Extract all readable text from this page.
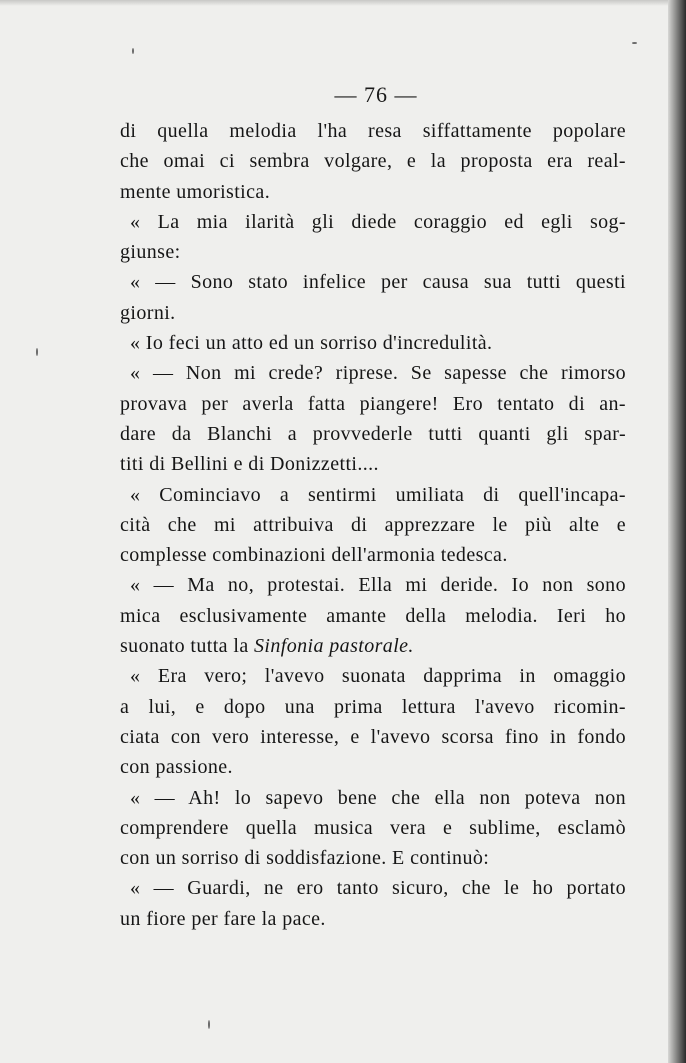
— 76 —
di quella melodia l'ha resa siffattamente popolare
che omai ci sembra volgare, e la proposta era real-
mente umoristica.
« La mia ilarità gli diede coraggio ed egli sog-
giunse:
« — Sono stato infelice per causa sua tutti questi
giorni.
« Io feci un atto ed un sorriso d'incredulità.
« — Non mi crede? riprese. Se sapesse che rimorso
provava per averla fatta piangere! Ero tentato di an-
dare da Blanchi a provvederle tutti quanti gli spar-
titi di Bellini e di Donizzetti....
« Cominciavo a sentirmi umiliata di quell'incapa-
cità che mi attribuiva di apprezzare le più alte e
complesse combinazioni dell'armonia tedesca.
« — Ma no, protestai. Ella mi deride. Io non sono
mica esclusivamente amante della melodia. Ieri ho
suonato tutta la Sinfonia pastorale.
« Era vero; l'avevo suonata dapprima in omaggio
a lui, e dopo una prima lettura l'avevo ricomin-
ciata con vero interesse, e l'avevo scorsa fino in fondo
con passione.
« — Ah! lo sapevo bene che ella non poteva non
comprendere quella musica vera e sublime, esclamò
con un sorriso di soddisfazione. E continuò:
« — Guardi, ne ero tanto sicuro, che le ho portato
un fiore per fare la pace.
